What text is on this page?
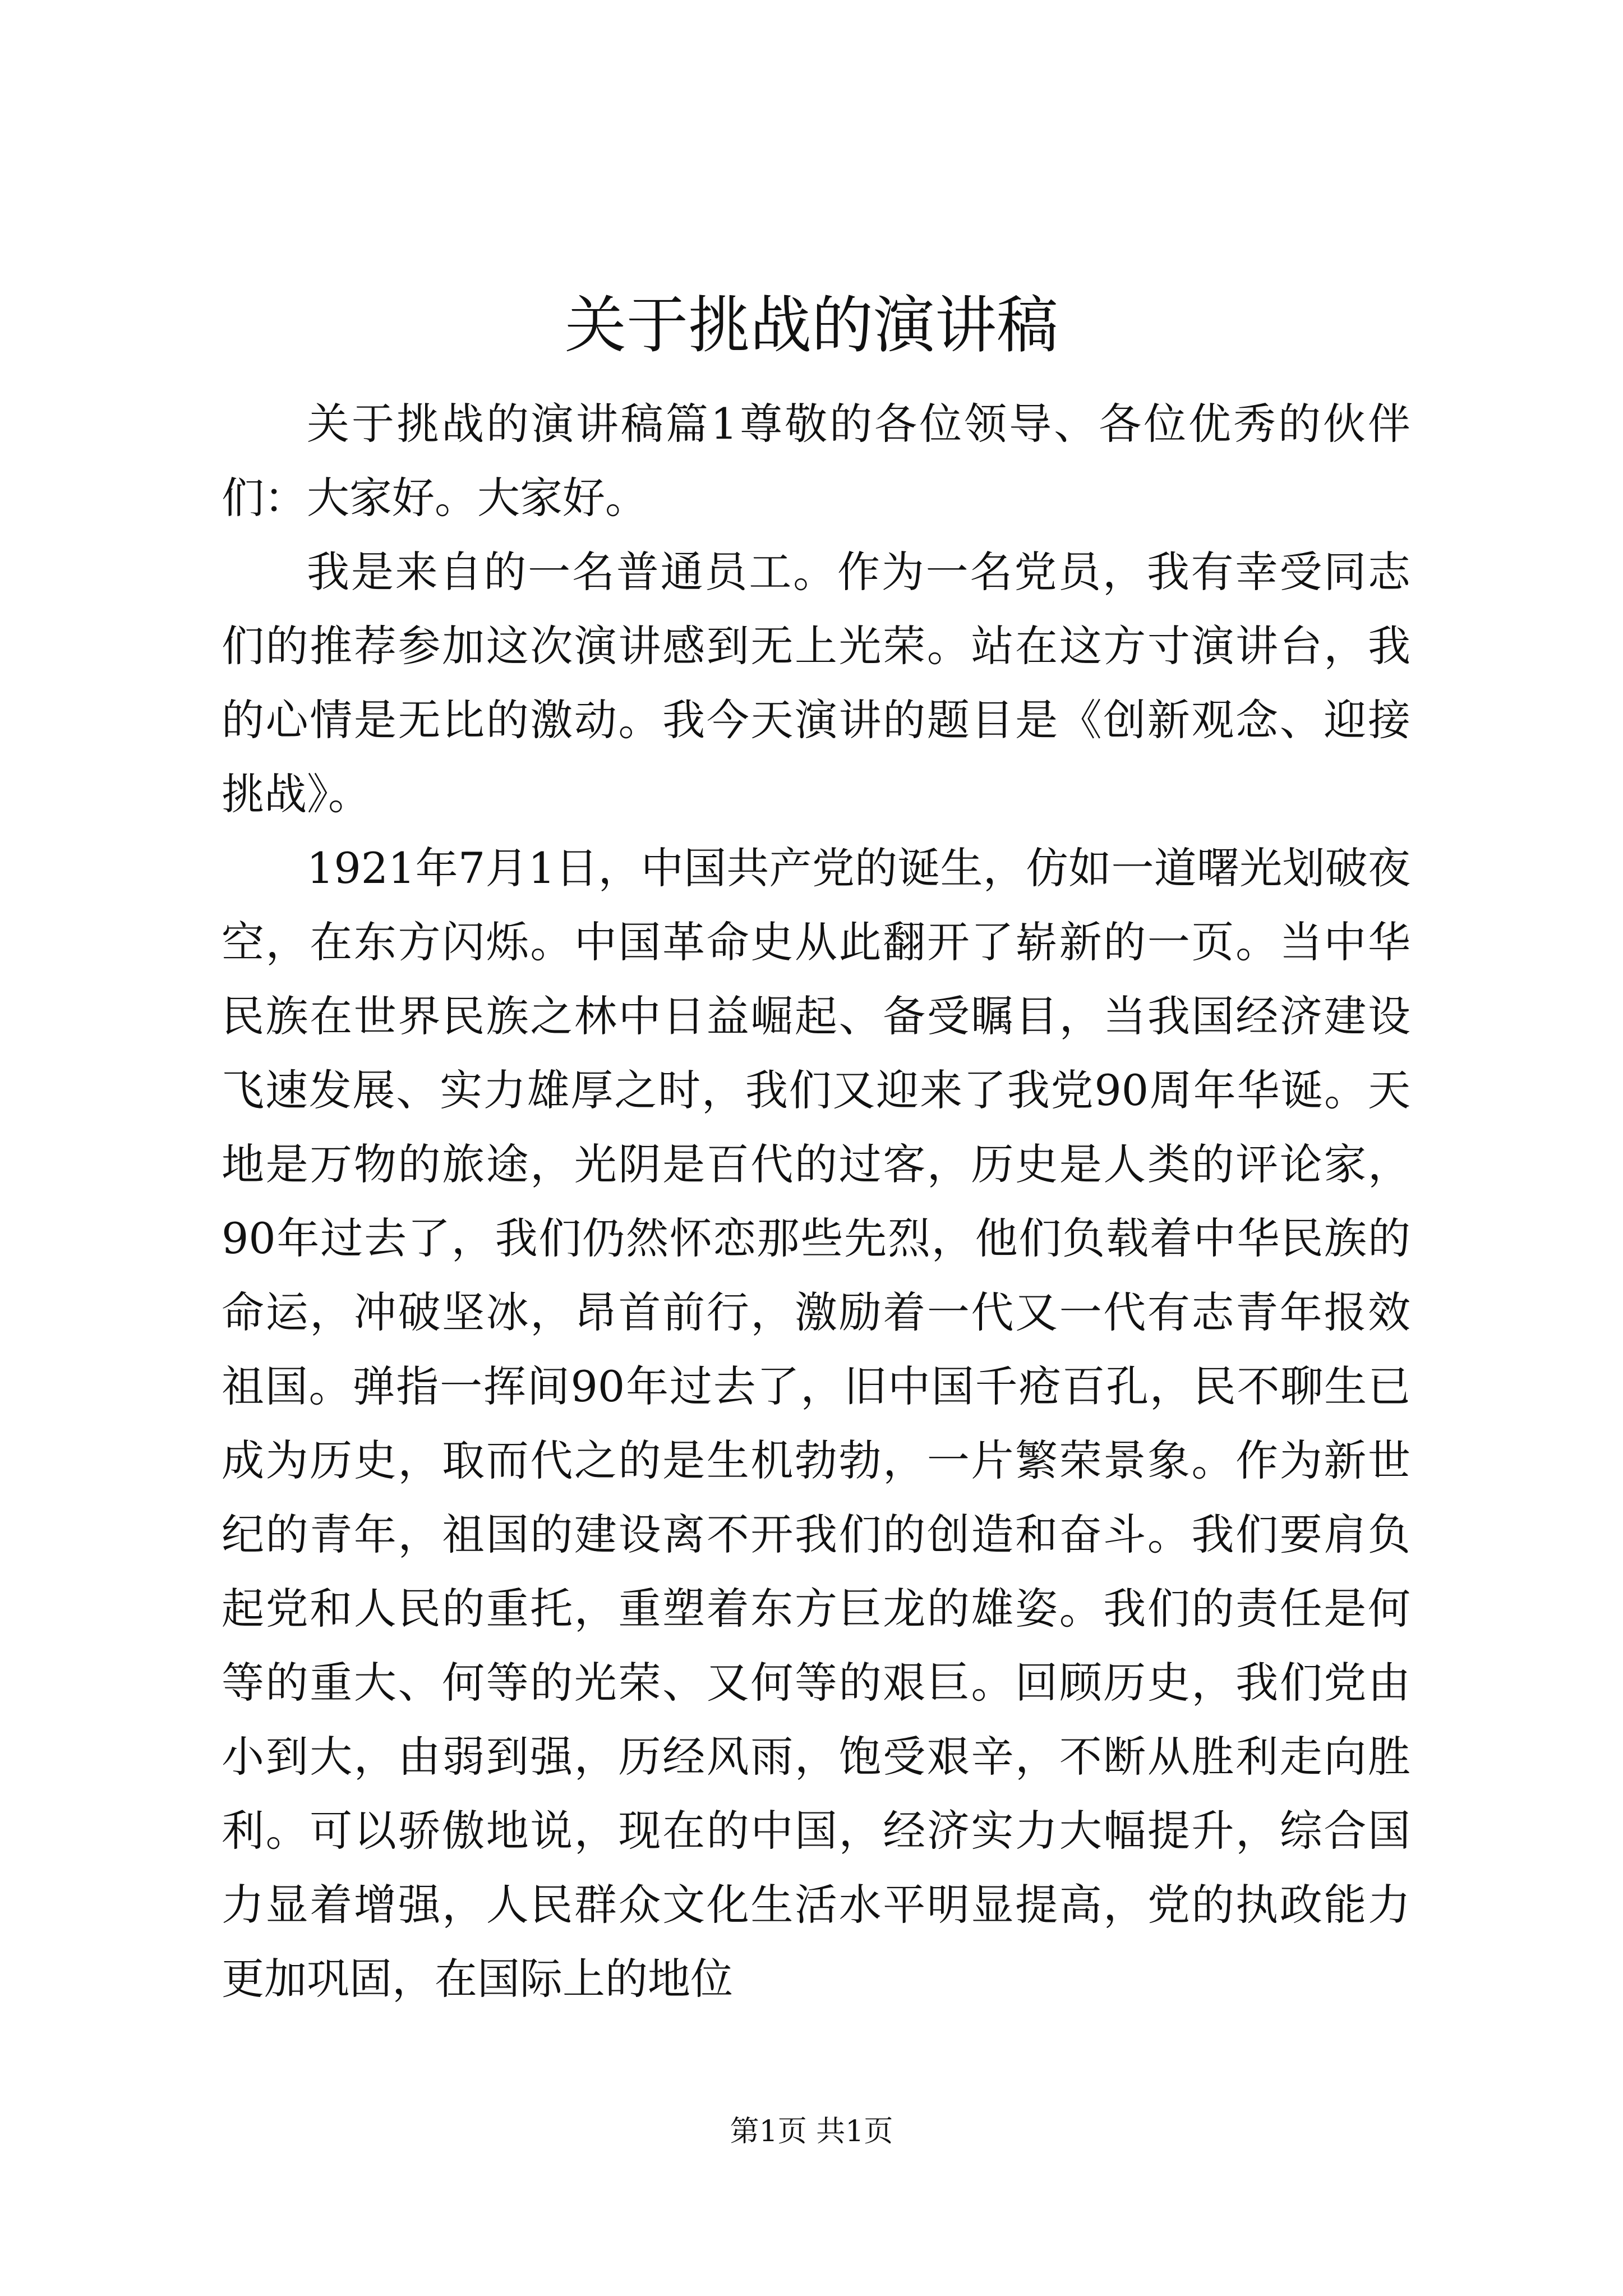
关于挑战的演讲稿

关于挑战的演讲稿篇1尊敬的各位领导、各位优秀的伙伴们：大家好。大家好。

我是来自的一名普通员工。作为一名党员，我有幸受同志们的推荐参加这次演讲感到无上光荣。站在这方寸演讲台，我的心情是无比的激动。我今天演讲的题目是《创新观念、迎接挑战》。

1921年7月1日，中国共产党的诞生，仿如一道曙光划破夜空，在东方闪烁。中国革命史从此翻开了崭新的一页。当中华民族在世界民族之林中日益崛起、备受瞩目，当我国经济建设飞速发展、实力雄厚之时，我们又迎来了我党90周年华诞。天地是万物的旅途，光阴是百代的过客，历史是人类的评论家，90年过去了，我们仍然怀恋那些先烈，他们负载着中华民族的命运，冲破坚冰，昂首前行，激励着一代又一代有志青年报效祖国。弹指一挥间90年过去了，旧中国千疮百孔，民不聊生已成为历史，取而代之的是生机勃勃，一片繁荣景象。作为新世纪的青年，祖国的建设离不开我们的创造和奋斗。我们要肩负起党和人民的重托，重塑着东方巨龙的雄姿。我们的责任是何等的重大、何等的光荣、又何等的艰巨。回顾历史，我们党由小到大，由弱到强，历经风雨，饱受艰辛，不断从胜利走向胜利。可以骄傲地说，现在的中国，经济实力大幅提升，综合国力显着增强，人民群众文化生活水平明显提高，党的执政能力更加巩固，在国际上的地位

第1页 共1页
